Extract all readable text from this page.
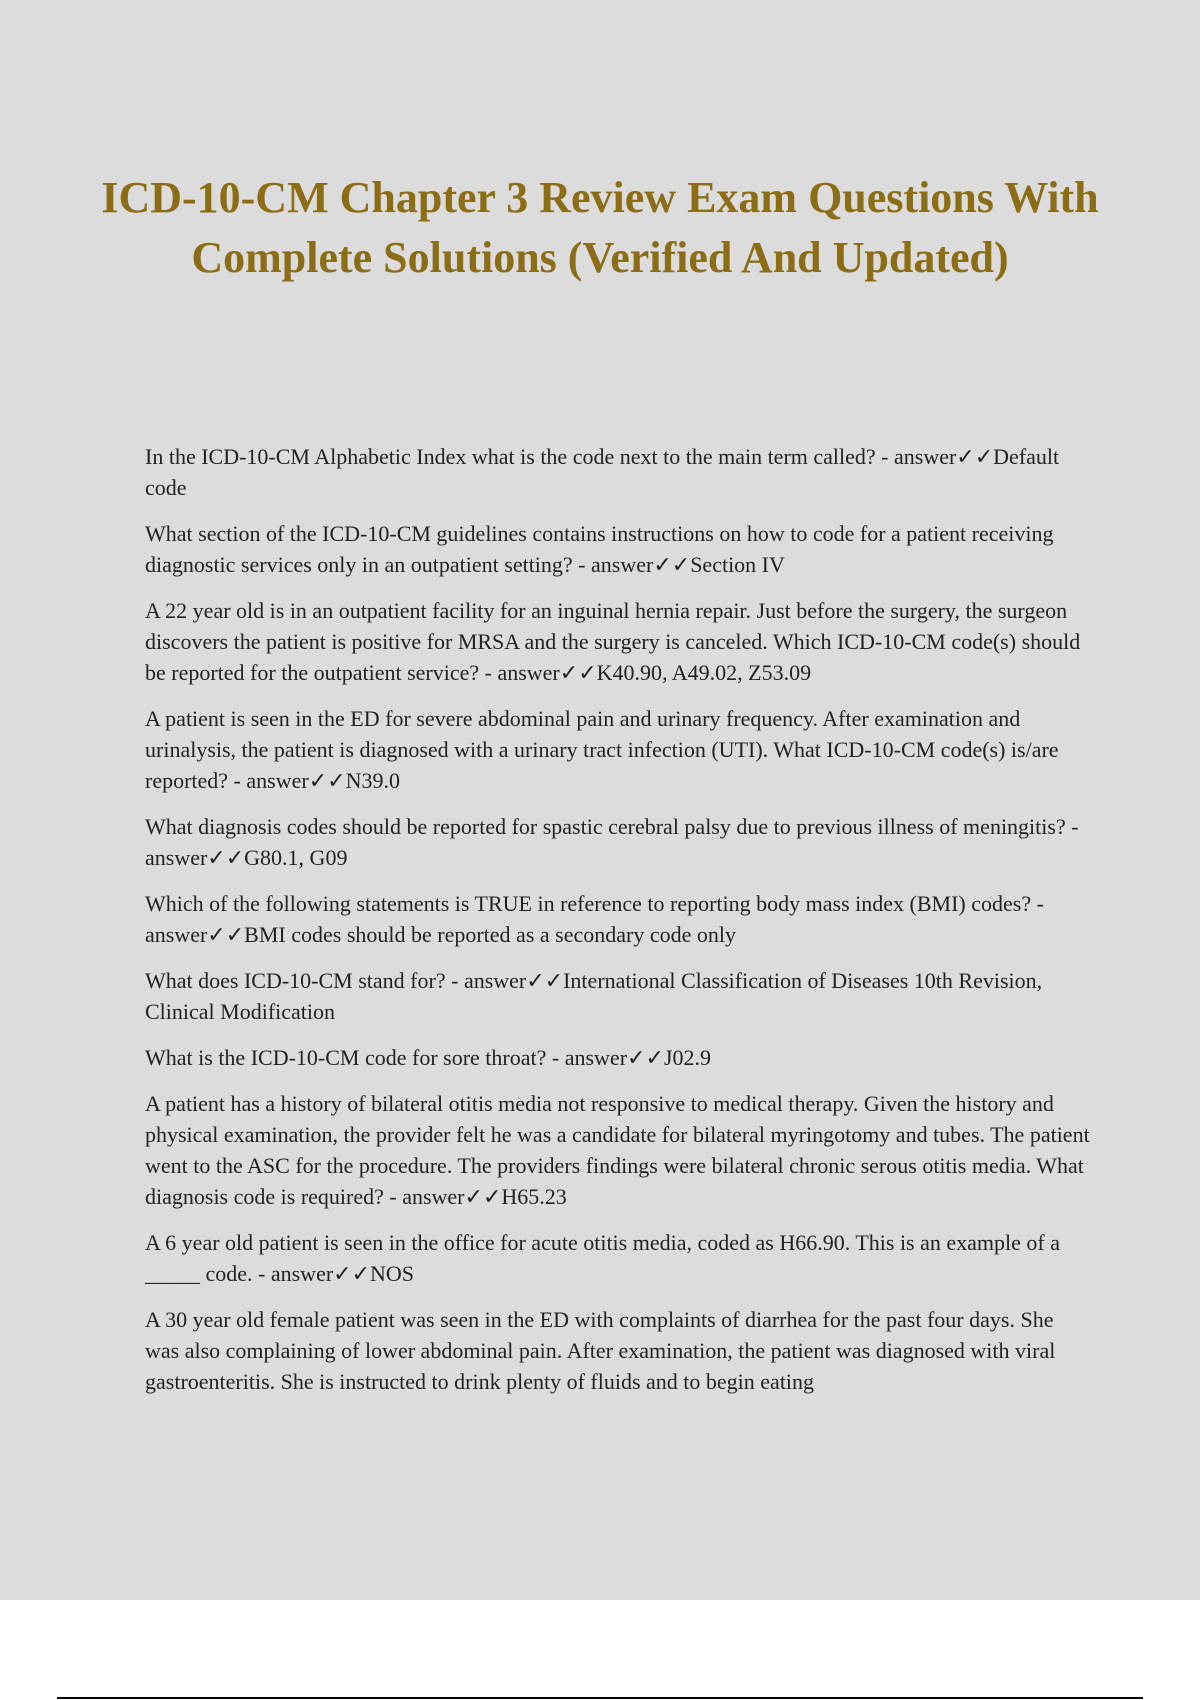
ICD-10-CM Chapter 3 Review Exam Questions With Complete Solutions (Verified And Updated)

In the ICD-10-CM Alphabetic Index what is the code next to the main term called? - answer✓✓Default code

What section of the ICD-10-CM guidelines contains instructions on how to code for a patient receiving diagnostic services only in an outpatient setting? - answer✓✓Section IV

A 22 year old is in an outpatient facility for an inguinal hernia repair. Just before the surgery, the surgeon discovers the patient is positive for MRSA and the surgery is canceled. Which ICD-10-CM code(s) should be reported for the outpatient service? - answer✓✓K40.90, A49.02, Z53.09

A patient is seen in the ED for severe abdominal pain and urinary frequency. After examination and urinalysis, the patient is diagnosed with a urinary tract infection (UTI). What ICD-10-CM code(s) is/are reported? - answer✓✓N39.0

What diagnosis codes should be reported for spastic cerebral palsy due to previous illness of meningitis? - answer✓✓G80.1, G09

Which of the following statements is TRUE in reference to reporting body mass index (BMI) codes? - answer✓✓BMI codes should be reported as a secondary code only

What does ICD-10-CM stand for? - answer✓✓International Classification of Diseases 10th Revision, Clinical Modification

What is the ICD-10-CM code for sore throat? - answer✓✓J02.9

A patient has a history of bilateral otitis media not responsive to medical therapy. Given the history and physical examination, the provider felt he was a candidate for bilateral myringotomy and tubes. The patient went to the ASC for the procedure. The providers findings were bilateral chronic serous otitis media. What diagnosis code is required? - answer✓✓H65.23

A 6 year old patient is seen in the office for acute otitis media, coded as H66.90. This is an example of a _____ code. - answer✓✓NOS

A 30 year old female patient was seen in the ED with complaints of diarrhea for the past four days. She was also complaining of lower abdominal pain. After examination, the patient was diagnosed with viral gastroenteritis. She is instructed to drink plenty of fluids and to begin eating
